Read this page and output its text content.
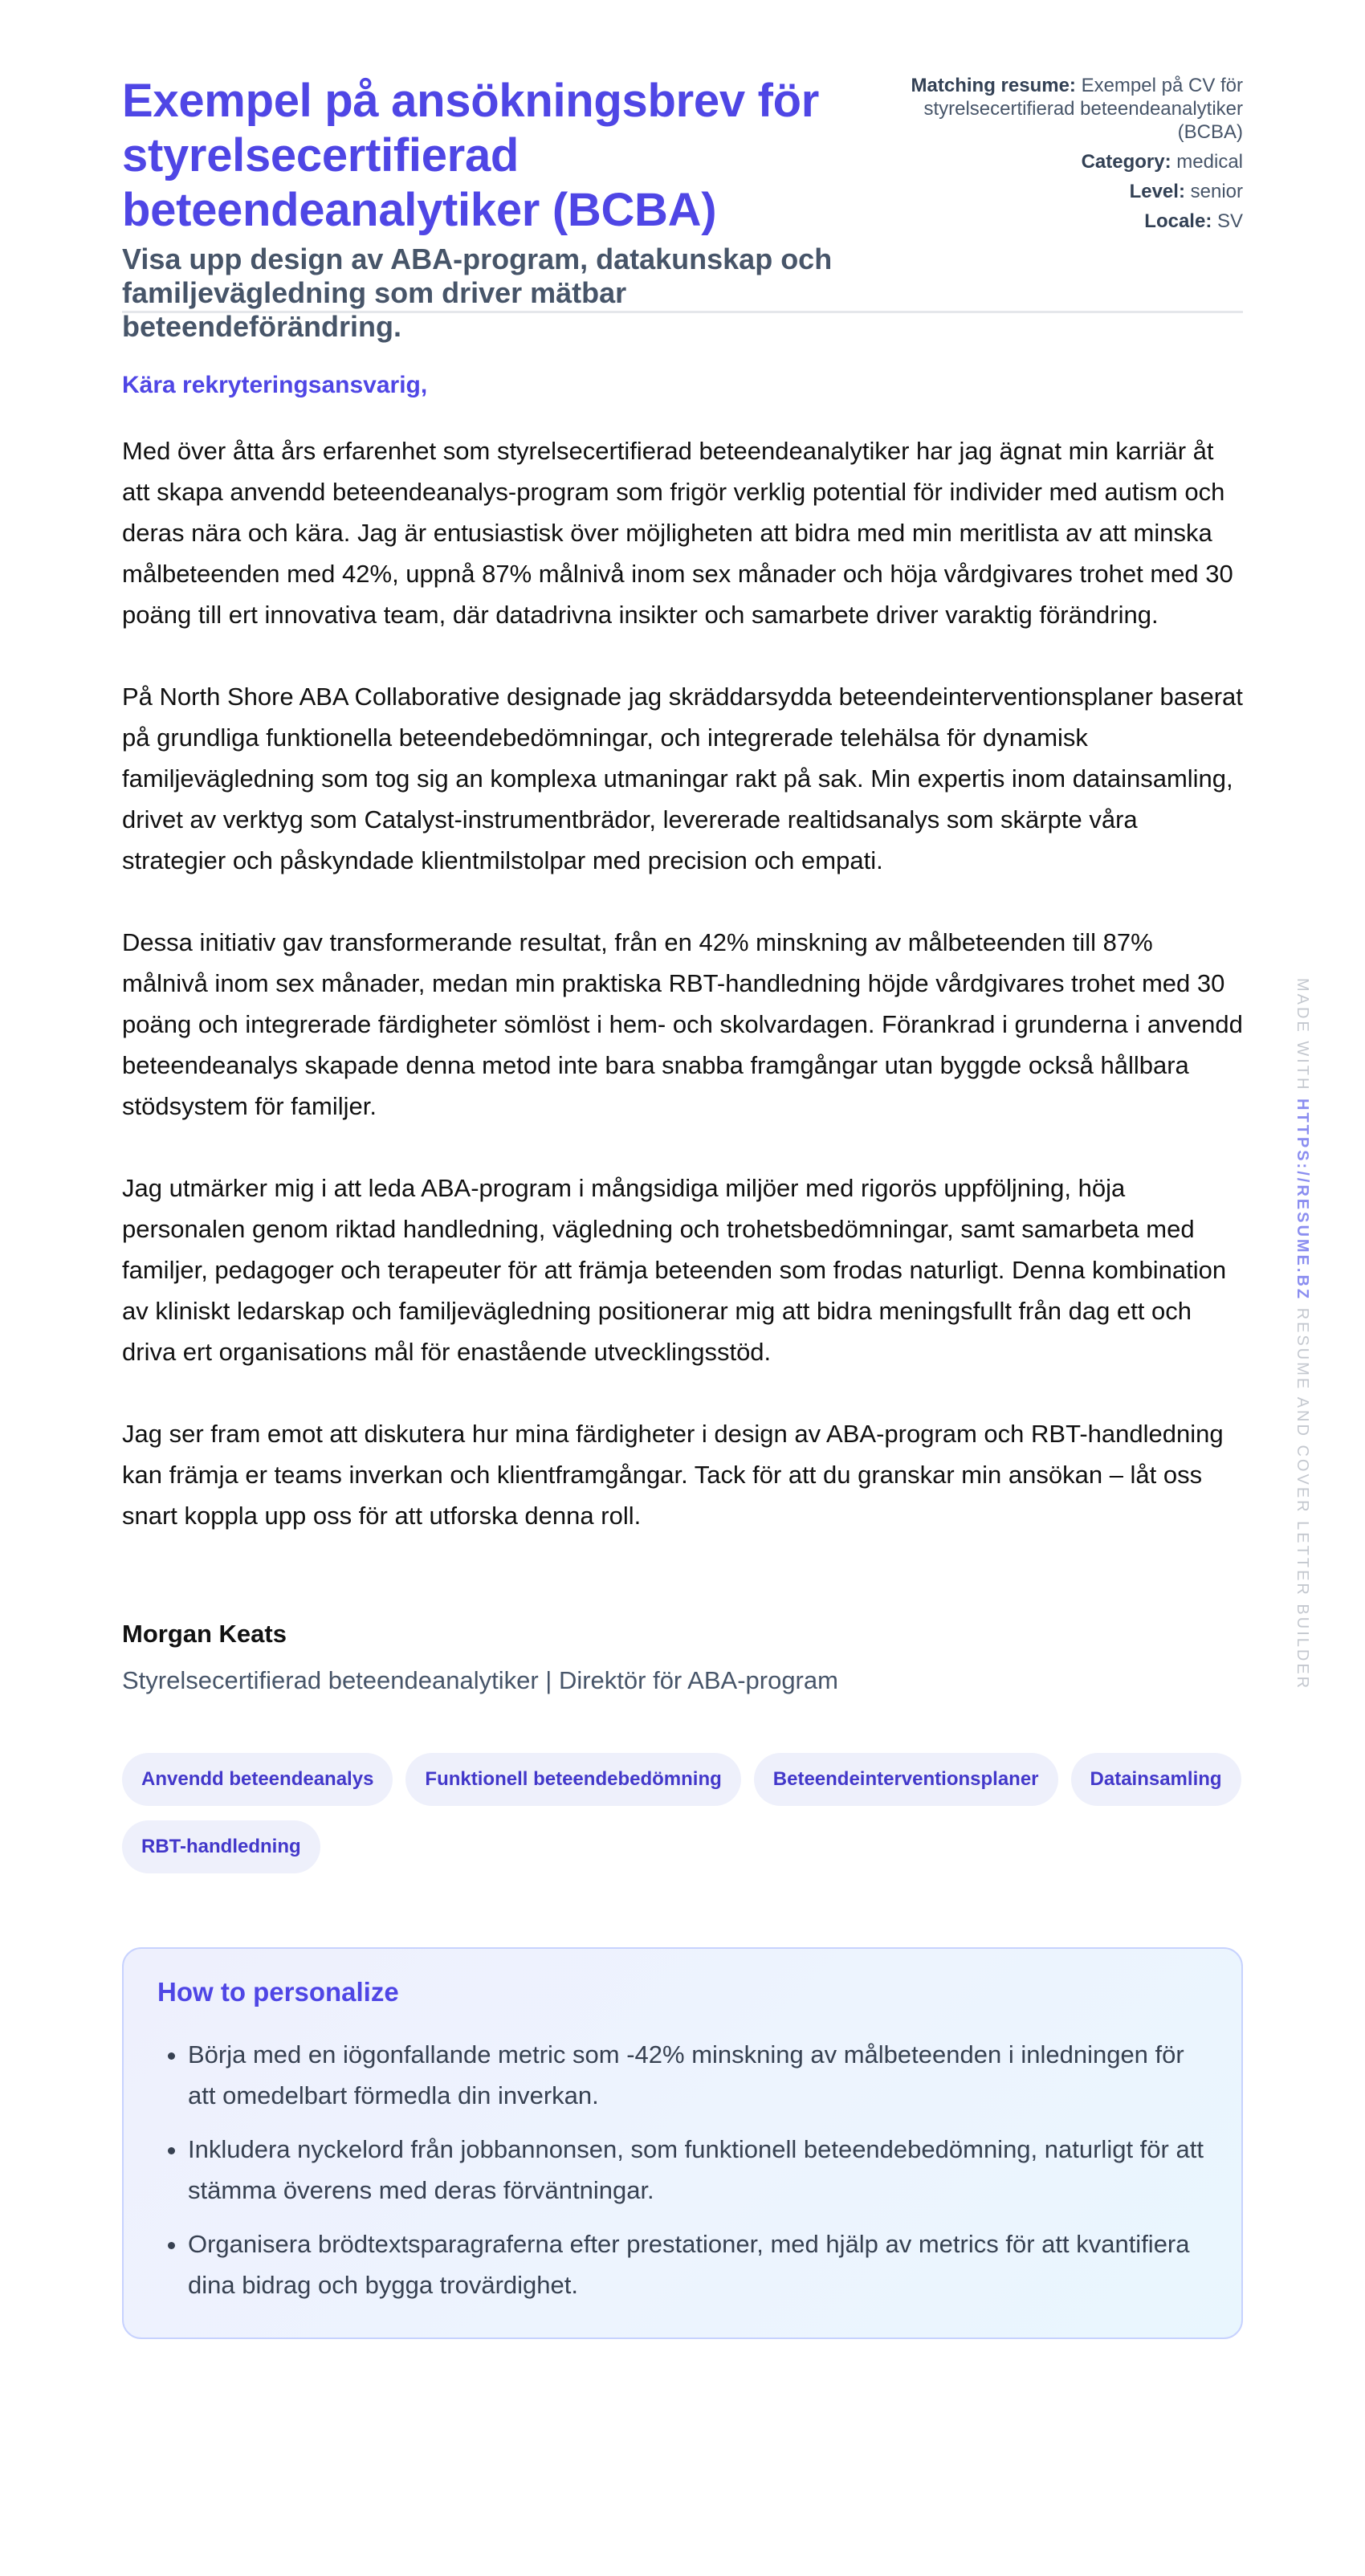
Exempel på ansökningsbrev för styrelsecertifierad beteendeanalytiker (BCBA)
Visa upp design av ABA-program, datakunskap och familjevägledning som driver mätbar beteendeförändring.
Matching resume: Exempel på CV för styrelsecertifierad beteendeanalytiker (BCBA)
Category: medical
Level: senior
Locale: SV
Kära rekryteringsansvarig,

Med över åtta års erfarenhet som styrelsecertifierad beteendeanalytiker har jag ägnat min karriär åt att skapa anvendd beteendeanalys-program som frigör verklig potential för individer med autism och deras nära och kära. Jag är entusiastisk över möjligheten att bidra med min meritlista av att minska målbeteenden med 42%, uppnå 87% målnivå inom sex månader och höja vårdgivares trohet med 30 poäng till ert innovativa team, där datadrivna insikter och samarbete driver varaktig förändring.

På North Shore ABA Collaborative designade jag skräddarsydda beteendeinterventionsplaner baserat på grundliga funktionella beteendebedömningar, och integrerade telehälsa för dynamisk familjevägledning som tog sig an komplexa utmaningar rakt på sak. Min expertis inom datainsamling, drivet av verktyg som Catalyst-instrumentbrädor, levererade realtidsanalys som skärpte våra strategier och påskyndade klientmilstolpar med precision och empati.

Dessa initiativ gav transformerande resultat, från en 42% minskning av målbeteenden till 87% målnivå inom sex månader, medan min praktiska RBT-handledning höjde vårdgivares trohet med 30 poäng och integrerade färdigheter sömlöst i hem- och skolvardagen. Förankrad i grunderna i anvendd beteendeanalys skapade denna metod inte bara snabba framgångar utan byggde också hållbara stödsystem för familjer.

Jag utmärker mig i att leda ABA-program i mångsidiga miljöer med rigorös uppföljning, höja personalen genom riktad handledning, vägledning och trohetsbedömningar, samt samarbeta med familjer, pedagoger och terapeuter för att främja beteenden som frodas naturligt. Denna kombination av kliniskt ledarskap och familjevägledning positionerar mig att bidra meningsfullt från dag ett och driva ert organisations mål för enastående utvecklingsstöd.

Jag ser fram emot att diskutera hur mina färdigheter i design av ABA-program och RBT-handledning kan främja er teams inverkan och klientframgångar. Tack för att du granskar min ansökan – låt oss snart koppla upp oss för att utforska denna roll.

Morgan Keats
Styrelsecertifierad beteendeanalytiker | Direktör för ABA-program
Anvendd beteendeanalys	Funktionell beteendebedömning	Beteendeinterventionsplaner	Datainsamling
RBT-handledning
How to personalize
• Börja med en iögonfallande metric som -42% minskning av målbeteenden i inledningen för att omedelbart förmedla din inverkan.
• Inkludera nyckelord från jobbannonsen, som funktionell beteendebedömning, naturligt för att stämma överens med deras förväntningar.
• Organisera brödtextsparagraferna efter prestationer, med hjälp av metrics för att kvantifiera dina bidrag och bygga trovärdighet.
MADE WITH HTTPS://RESUME.BZ RESUME AND COVER LETTER BUILDER
